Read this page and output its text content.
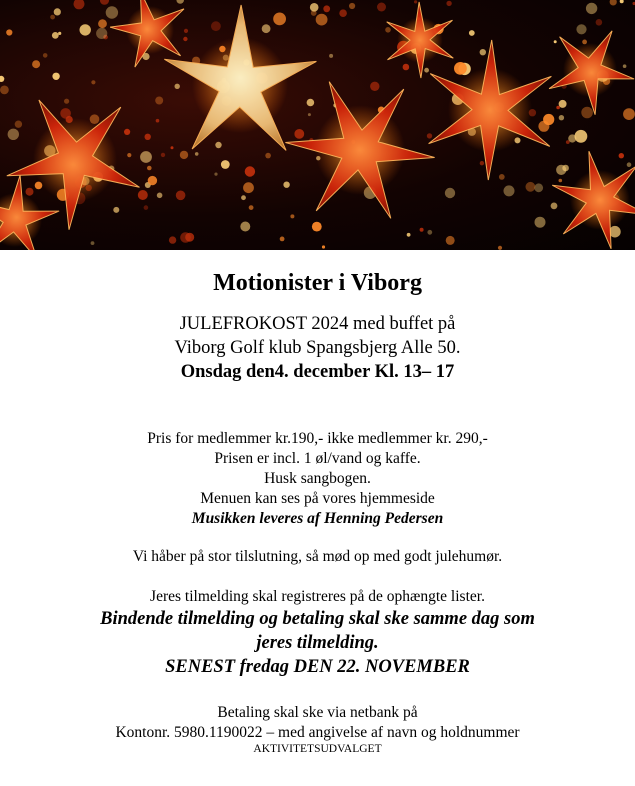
Motionister i Viborg
JULEFROKOST 2024 med buffet på
Viborg Golf klub Spangsbjerg Alle 50.
Onsdag den4. december Kl. 13– 17
Pris for medlemmer kr.190,- ikke medlemmer kr. 290,-
Prisen er incl. 1 øl/vand og kaffe.
Husk sangbogen.
Menuen kan ses på vores hjemmeside
Musikken leveres af Henning Pedersen
Vi håber på stor tilslutning, så mød op med godt julehumør.
Jeres tilmelding skal registreres på de ophængte lister.
Bindende tilmelding og betaling skal ske samme dag som
jeres tilmelding.
SENEST fredag DEN 22. NOVEMBER
Betaling skal ske via netbank på
Kontonr. 5980.1190022 – med angivelse af navn og holdnummer
AKTIVITETSUDVALGET
